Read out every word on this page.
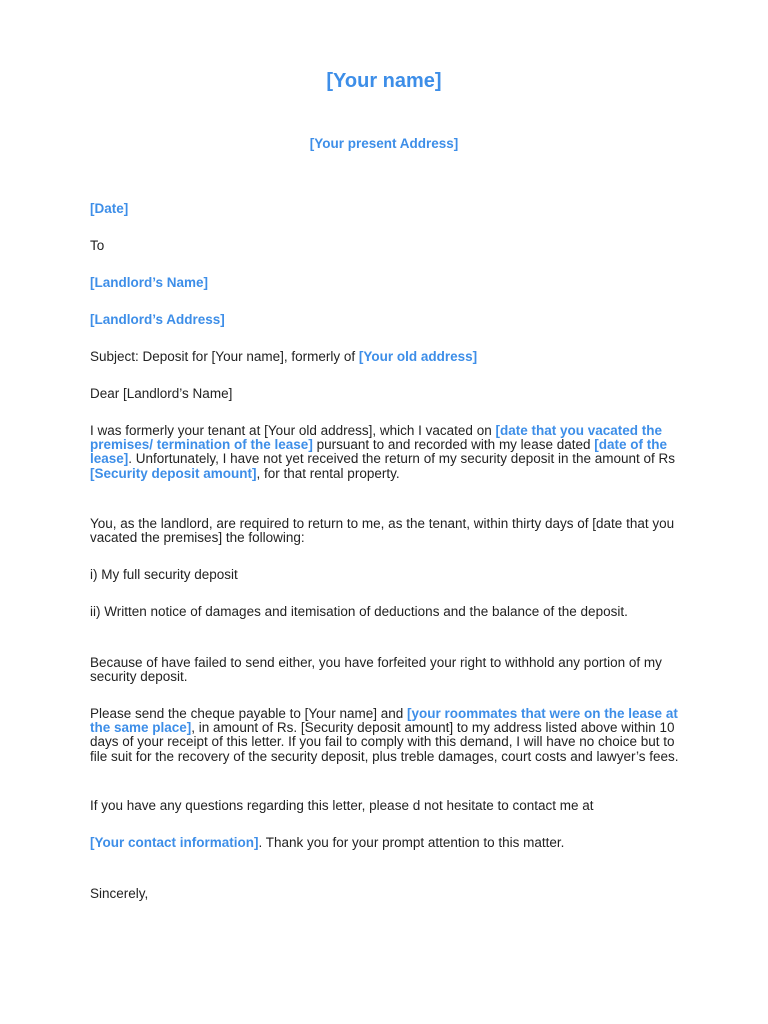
[Your name]
[Your present Address]

[Date]

To

[Landlord’s Name]

[Landlord’s Address]

Subject: Deposit for [Your name], formerly of [Your old address]

Dear [Landlord’s Name]

I was formerly your tenant at [Your old address], which I vacated on [date that you vacated the premises/ termination of the lease] pursuant to and recorded with my lease dated [date of the lease]. Unfortunately, I have not yet received the return of my security deposit in the amount of Rs [Security deposit amount], for that rental property.

You, as the landlord, are required to return to me, as the tenant, within thirty days of [date that you vacated the premises] the following:

i) My full security deposit

ii) Written notice of damages and itemisation of deductions and the balance of the deposit.

Because of have failed to send either, you have forfeited your right to withhold any portion of my security deposit.

Please send the cheque payable to [Your name] and [your roommates that were on the lease at the same place], in amount of Rs. [Security deposit amount] to my address listed above within 10 days of your receipt of this letter. If you fail to comply with this demand, I will have no choice but to file suit for the recovery of the security deposit, plus treble damages, court costs and lawyer’s fees.

If you have any questions regarding this letter, please d not hesitate to contact me at

[Your contact information]. Thank you for your prompt attention to this matter.

Sincerely,
